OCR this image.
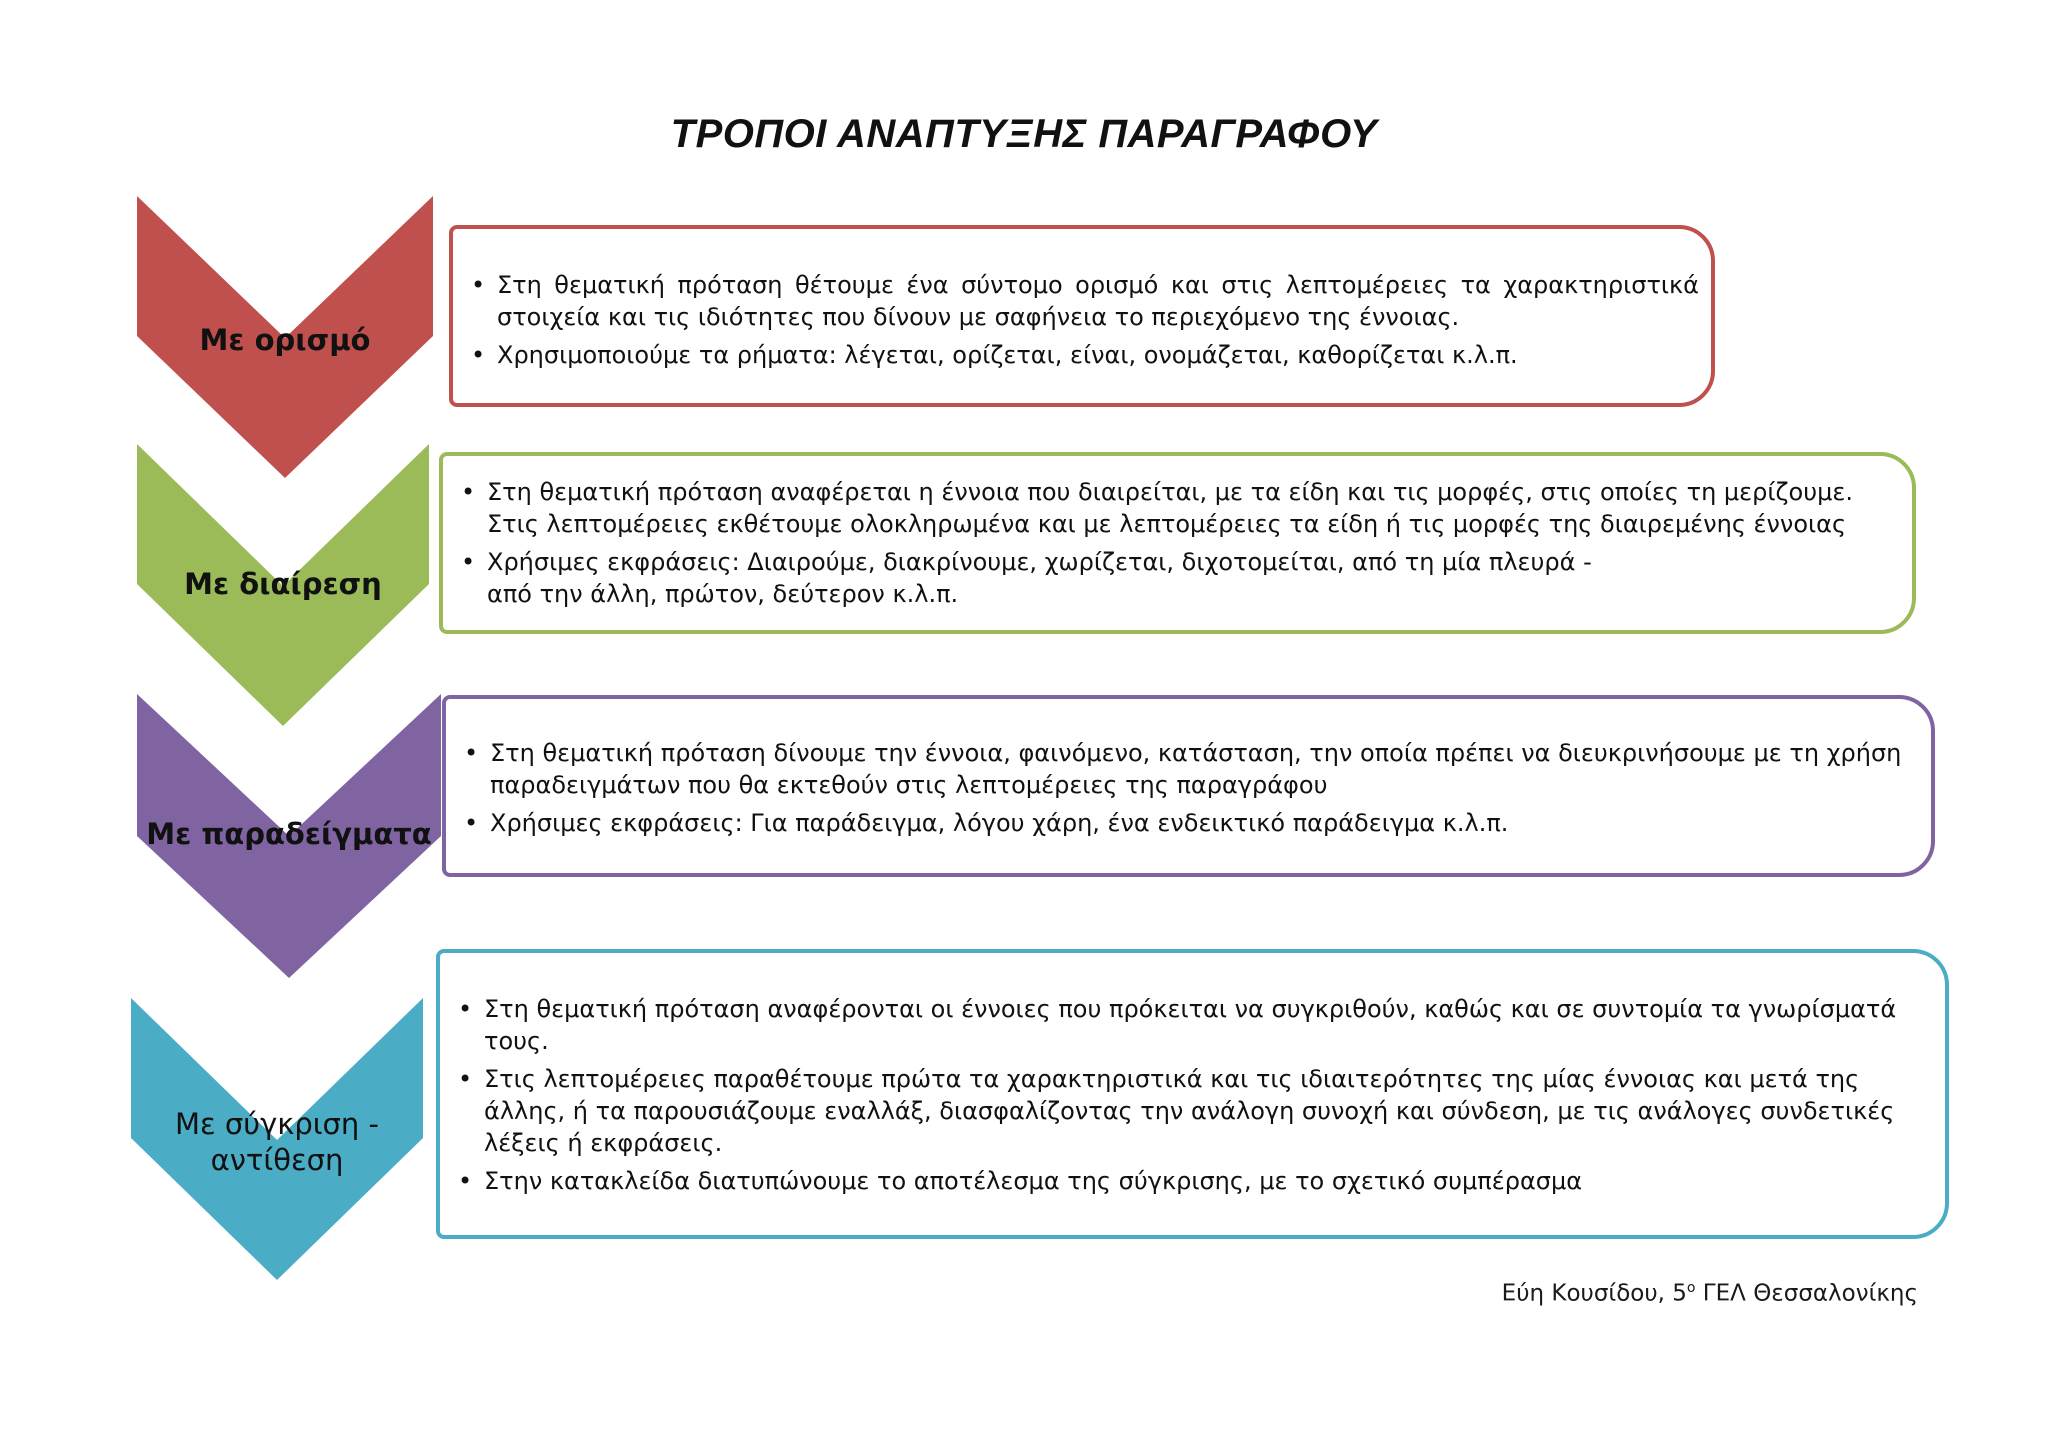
ΤΡΟΠΟΙ ΑΝΑΠΤΥΞΗΣ ΠΑΡΑΓΡΑΦΟΥ
Με ορισμό
• Στη θεματική πρόταση θέτουμε ένα σύντομο ορισμό και στις λεπτομέρειες τα χαρακτηριστικά στοιχεία και τις ιδιότητες που δίνουν με σαφήνεια το περιεχόμενο της έννοιας.
• Χρησιμοποιούμε τα ρήματα: λέγεται, ορίζεται, είναι, ονομάζεται, καθορίζεται κ.λ.π.
Με διαίρεση
• Στη θεματική πρόταση αναφέρεται η έννοια που διαιρείται, με τα είδη και τις μορφές, στις οποίες τη μερίζουμε. Στις λεπτομέρειες εκθέτουμε ολοκληρωμένα και με λεπτομέρειες τα είδη ή τις μορφές της διαιρεμένης έννοιας
• Χρήσιμες εκφράσεις: Διαιρούμε, διακρίνουμε, χωρίζεται, διχοτομείται, από τη μία πλευρά - από την άλλη, πρώτον, δεύτερον κ.λ.π.
Με παραδείγματα
• Στη θεματική πρόταση δίνουμε την έννοια, φαινόμενο, κατάσταση, την οποία πρέπει να διευκρινήσουμε με τη χρήση παραδειγμάτων που θα εκτεθούν στις λεπτομέρειες της παραγράφου
• Χρήσιμες εκφράσεις: Για παράδειγμα, λόγου χάρη, ένα ενδεικτικό παράδειγμα κ.λ.π.
Με σύγκριση -
αντίθεση
• Στη θεματική πρόταση αναφέρονται οι έννοιες που πρόκειται να συγκριθούν, καθώς και σε συντομία τα γνωρίσματά τους.
• Στις λεπτομέρειες παραθέτουμε πρώτα τα χαρακτηριστικά και τις ιδιαιτερότητες της μίας έννοιας και μετά της άλλης, ή τα παρουσιάζουμε εναλλάξ, διασφαλίζοντας την ανάλογη συνοχή και σύνδεση, με τις ανάλογες συνδετικές λέξεις ή εκφράσεις.
• Στην κατακλείδα διατυπώνουμε το αποτέλεσμα της σύγκρισης, με το σχετικό συμπέρασμα
Εύη Κουσίδου, $5^o$ ΓΕΛ Θεσσαλονίκης
